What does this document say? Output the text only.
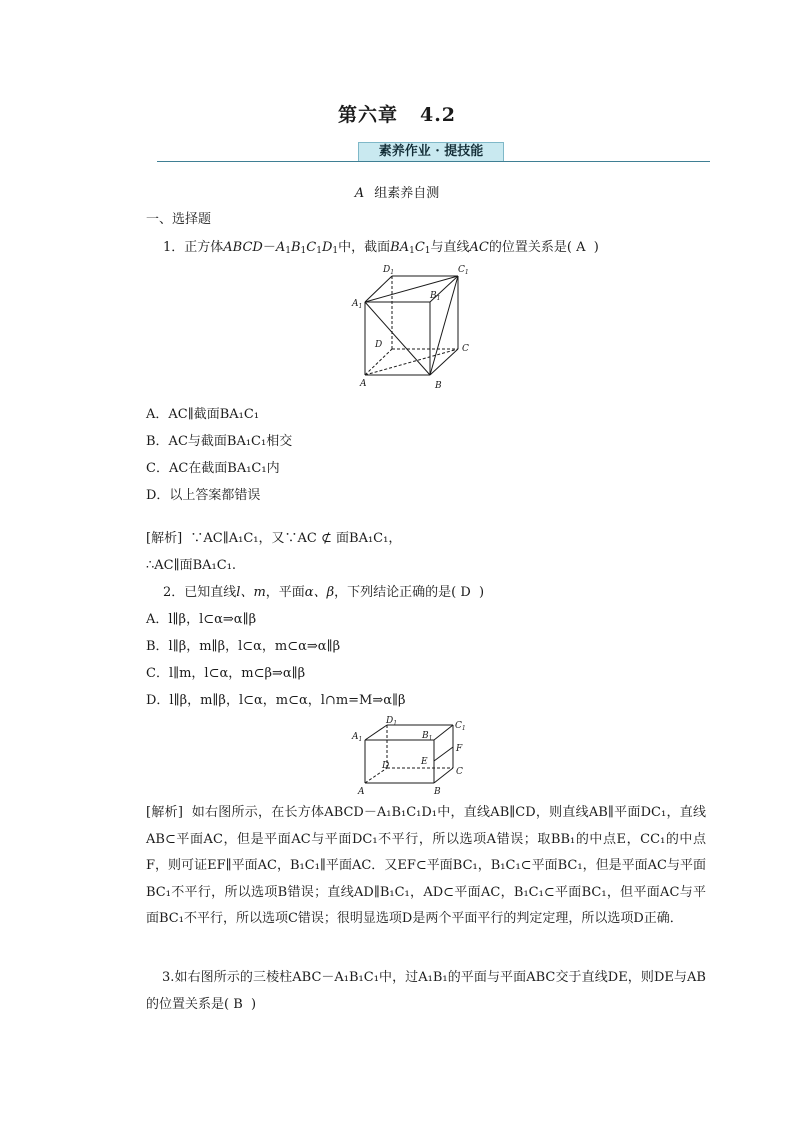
第六章 4.2
素养作业 · 提技能
A 组素养自测
一、选择题
1．正方体$ABCD-A_1B_1C_1D_1$中，截面$BA_1C_1$与直线AC的位置关系是( A )
$D_1$	$C_1$
$A_1$
$B_1$
D	C
A	B
A．AC∥截面BA₁C₁
B．AC与截面BA₁C₁相交
C．AC在截面BA₁C₁内
D．以上答案都错误
[解析] ∵AC∥A₁C₁，又∵AC ⊄ 面BA₁C₁，
∴AC∥面BA₁C₁.
2．已知直线l、m，平面α、β，下列结论正确的是( D )
A．l∥β，l⊂α⇒α∥β
B．l∥β，m∥β，l⊂α，m⊂α⇒α∥β
C．l∥m，l⊂α，m⊂β⇒α∥β
D．l∥β，m∥β，l⊂α，m⊂α，l∩m=M⇒α∥β
$D_1$	$C_1$
$A_1$	$B_1$
F
E
D
C
A	B
[解析] 如右图所示，在长方体ABCD－A₁B₁C₁D₁中，直线AB∥CD，则直线AB∥平面DC₁，直线AB⊂平面AC，但是平面AC与平面DC₁不平行，所以选项A错误；取BB₁的中点E，CC₁的中点F，则可证EF∥平面AC，B₁C₁∥平面AC．又EF⊂平面BC₁，B₁C₁⊂平面BC₁，但是平面AC与平面BC₁不平行，所以选项B错误；直线AD∥B₁C₁，AD⊂平面AC，B₁C₁⊂平面BC₁，但平面AC与平面BC₁不平行，所以选项C错误；很明显选项D是两个平面平行的判定定理，所以选项D正确．
3.如右图所示的三棱柱ABC－A₁B₁C₁中，过A₁B₁的平面与平面ABC交于直线DE，则DE与AB的位置关系是( B )
